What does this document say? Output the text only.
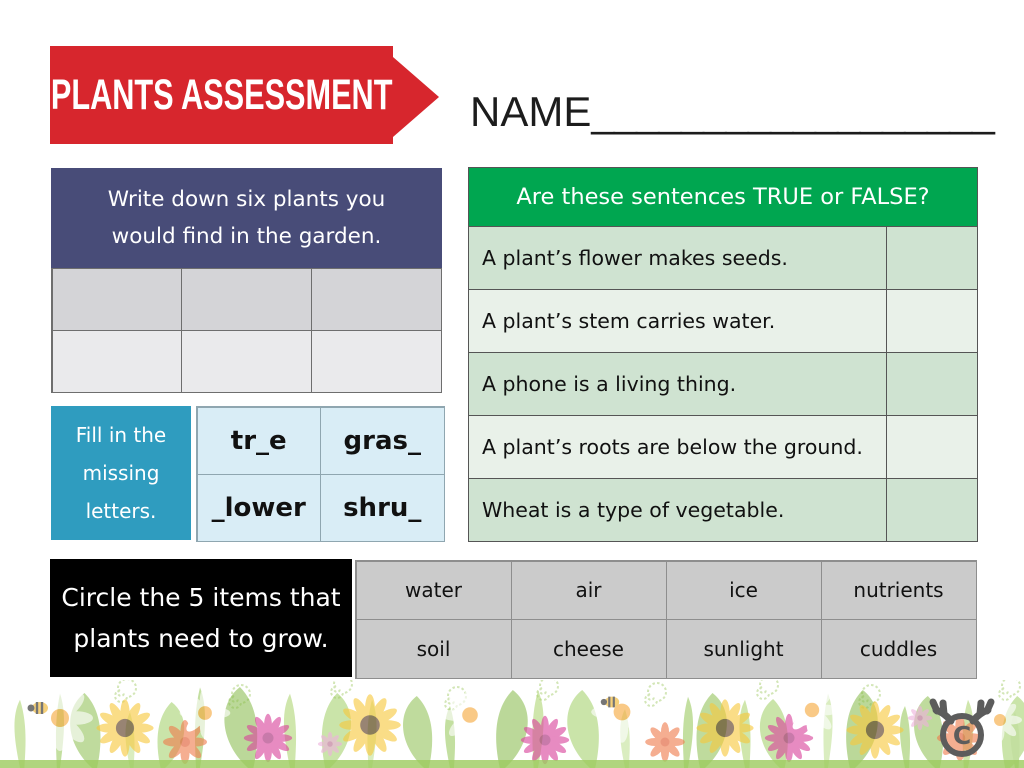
PLANTS ASSESSMENT NAME__________________
Write down six plants you
would find in the garden.
Fill in the
missing
letters.
tr_e	gras_
_lower	shru_
Are these sentences TRUE or FALSE?
A plant’s flower makes seeds.
A plant’s stem carries water.
A phone is a living thing.
A plant’s roots are below the ground.
Wheat is a type of vegetable.
Circle the 5 items that
plants need to grow.
water	air	ice	nutrients
soil	cheese	sunlight	cuddles
C
